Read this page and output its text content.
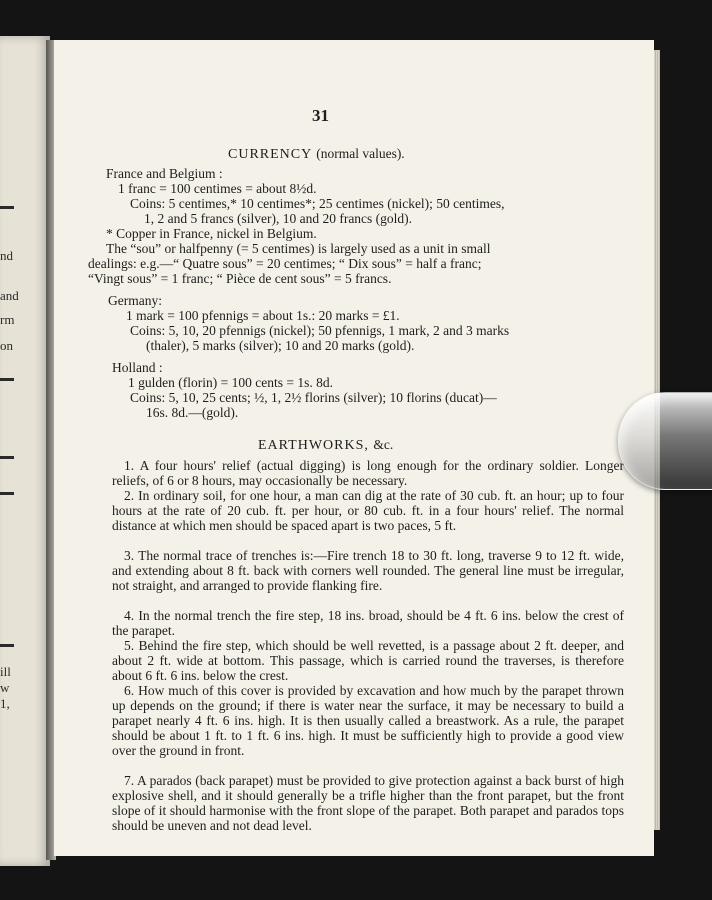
nd
and
rm
on
ill
w
1,
31
CURRENCY (normal values).
France and Belgium :
1 franc = 100 centimes = about 8½d.
Coins: 5 centimes,* 10 centimes*; 25 centimes (nickel); 50 centimes,
1, 2 and 5 francs (silver), 10 and 20 francs (gold).
* Copper in France, nickel in Belgium.
The “sou” or halfpenny (= 5 centimes) is largely used as a unit in small
dealings: e.g.—“ Quatre sous” = 20 centimes; “ Dix sous” = half a franc;
“Vingt sous” = 1 franc; “ Pièce de cent sous” = 5 francs.
Germany:
1 mark = 100 pfennigs = about 1s.: 20 marks = £1.
Coins: 5, 10, 20 pfennigs (nickel); 50 pfennigs, 1 mark, 2 and 3 marks
(thaler), 5 marks (silver); 10 and 20 marks (gold).
Holland :
1 gulden (florin) = 100 cents = 1s. 8d.
Coins: 5, 10, 25 cents; ½, 1, 2½ florins (silver); 10 florins (ducat)—
16s. 8d.—(gold).
EARTHWORKS, &c.

1. A four hours' relief (actual digging) is long enough for the ordinary soldier. Longer reliefs, of 6 or 8 hours, may occasionally be necessary.

2. In ordinary soil, for one hour, a man can dig at the rate of 30 cub. ft. an hour; up to four hours at the rate of 20 cub. ft. per hour, or 80 cub. ft. in a four hours' relief. The normal distance at which men should be spaced apart is two paces, 5 ft.

3. The normal trace of trenches is:—Fire trench 18 to 30 ft. long, traverse 9 to 12 ft. wide, and extending about 8 ft. back with corners well rounded. The general line must be irregular, not straight, and arranged to provide flanking fire.

4. In the normal trench the fire step, 18 ins. broad, should be 4 ft. 6 ins. below the crest of the parapet.

5. Behind the fire step, which should be well revetted, is a passage about 2 ft. deeper, and about 2 ft. wide at bottom. This passage, which is carried round the traverses, is therefore about 6 ft. 6 ins. below the crest.

6. How much of this cover is provided by excavation and how much by the parapet thrown up depends on the ground; if there is water near the surface, it may be necessary to build a parapet nearly 4 ft. 6 ins. high. It is then usually called a breastwork. As a rule, the parapet should be about 1 ft. to 1 ft. 6 ins. high. It must be sufficiently high to provide a good view over the ground in front.

7. A parados (back parapet) must be provided to give protection against a back burst of high explosive shell, and it should generally be a trifle higher than the front parapet, but the front slope of it should harmonise with the front slope of the parapet. Both parapet and parados tops should be uneven and not dead level.
